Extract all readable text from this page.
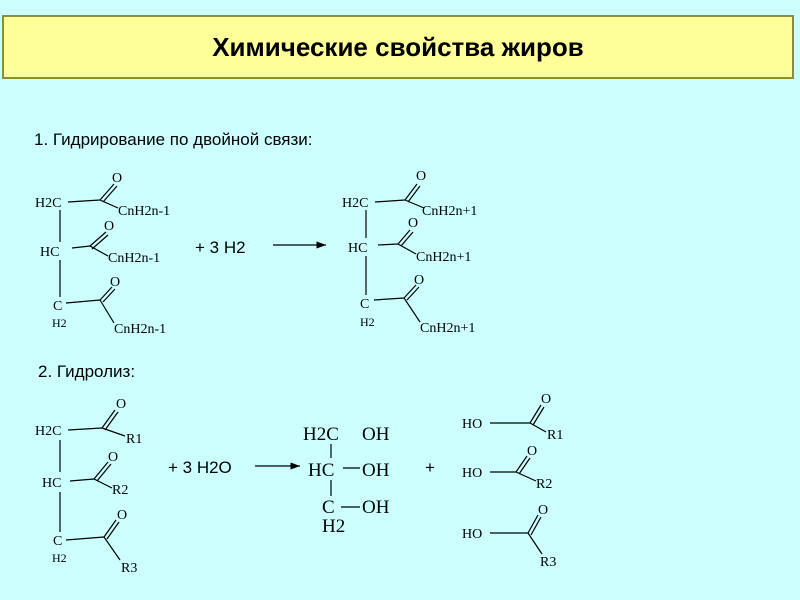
Химические свойства жиров
1. Гидрирование по двойной связи:
+ 3 H2
2. Гидролиз:
+ 3 H2O	+
H2C
HC
C
H2
O
CnH2n-1
O
CnH2n-1
O
CnH2n-1
H2C
HC
C
H2
O
CnH2n+1
O
CnH2n+1
O
CnH2n+1
H2C
HC
C
H2
O
R1
O
R2
O
R3
H2C
HC
C
H2
OH
OH
OH
HO
O
R1
HO
O
R2
HO
O
R3
